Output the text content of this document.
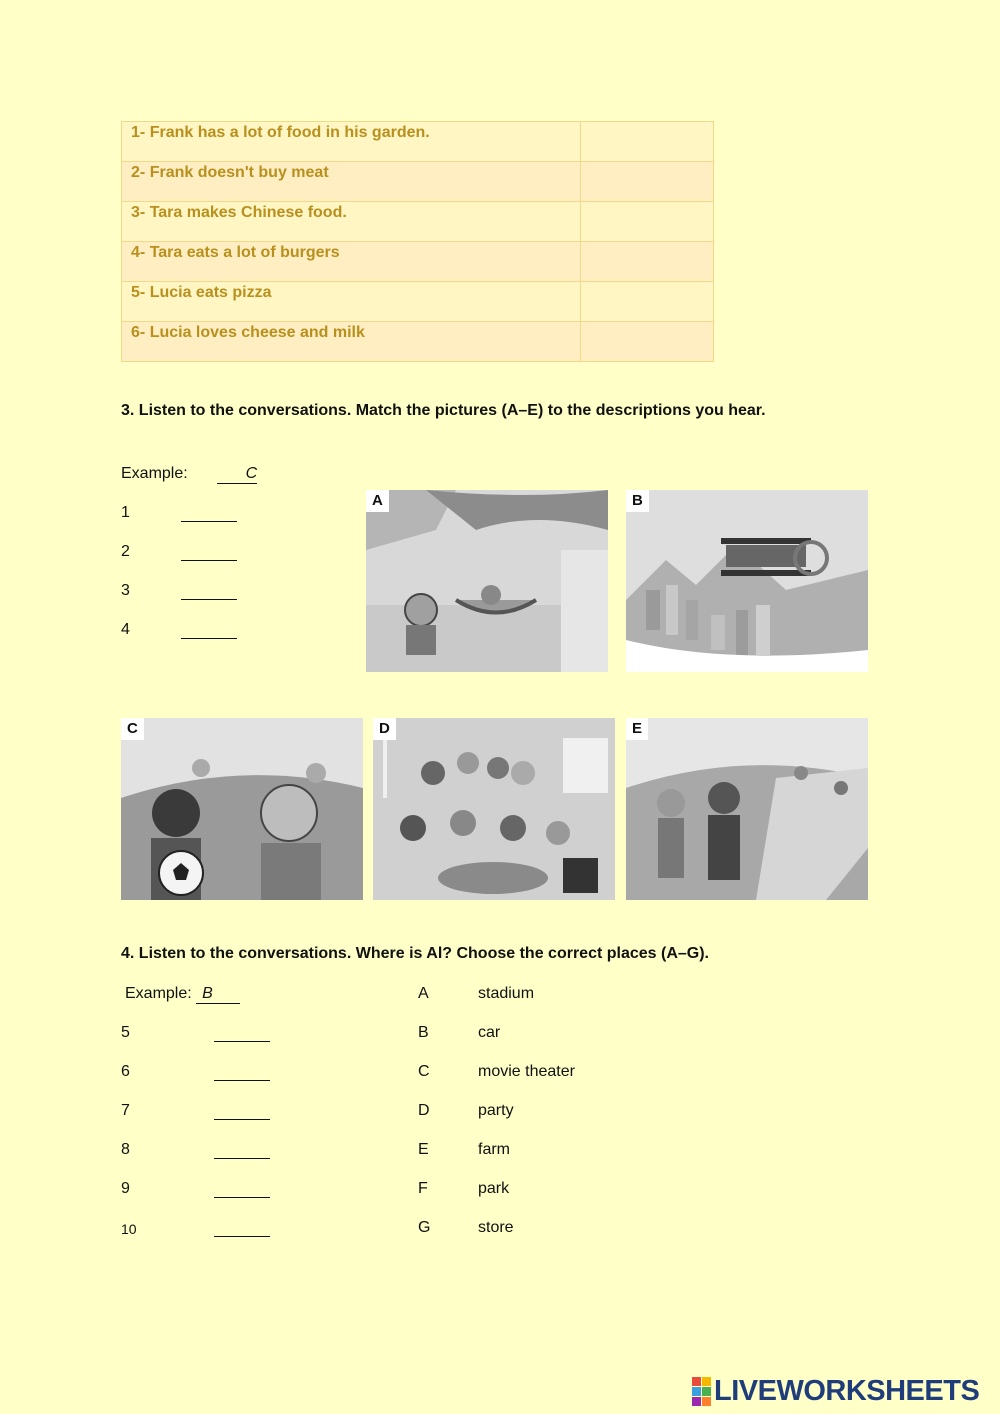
1- Frank has a lot of food in his garden.	
2- Frank doesn't buy meat	
3- Tara makes Chinese food.	
4- Tara eats a lot of burgers	
5- Lucia eats pizza	
6- Lucia loves cheese and milk	
3. Listen to the conversations. Match the pictures (A–E) to the descriptions you hear.
Example:	C
1
2
3
4
A	B
C	D	E
4. Listen to the conversations. Where is Al? Choose the correct places (A–G).
Example: B
5
6
7
8
9
10
A	stadium
B	car
C	movie theater
D	party
E	farm
F	park
G	store
LIVEWORKSHEETS
